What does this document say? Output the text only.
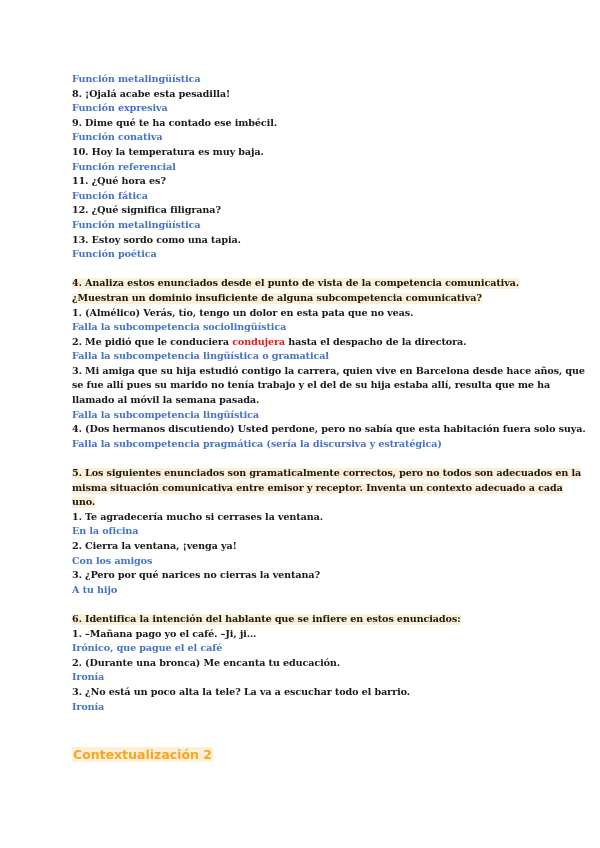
Función metalingüística
8. ¡Ojalá acabe esta pesadilla!
Función expresiva
9. Dime qué te ha contado ese imbécil.
Función conativa
10. Hoy la temperatura es muy baja.
Función referencial
11. ¿Qué hora es?
Función fática
12. ¿Qué significa filigrana?
Función metalingüística
13. Estoy sordo como una tapia.
Función poética
4. Analiza estos enunciados desde el punto de vista de la competencia comunicativa.
¿Muestran un dominio insuficiente de alguna subcompetencia comunicativa?
1. (Almélico) Verás, tío, tengo un dolor en esta pata que no veas.
Falla la subcompetencia sociolingüística
2. Me pidió que le conduciera condujera hasta el despacho de la directora.
Falla la subcompetencia lingüística o gramatical
3. Mi amiga que su hija estudió contigo la carrera, quien vive en Barcelona desde hace años, que
se fue allí pues su marido no tenía trabajo y el del de su hija estaba allí, resulta que me ha
llamado al móvil la semana pasada.
Falla la subcompetencia lingüística
4. (Dos hermanos discutiendo) Usted perdone, pero no sabía que esta habitación fuera solo suya.
Falla la subcompetencia pragmática (sería la discursiva y estratégica)
5. Los siguientes enunciados son gramaticalmente correctos, pero no todos son adecuados en la
misma situación comunicativa entre emisor y receptor. Inventa un contexto adecuado a cada
uno.
1. Te agradecería mucho si cerrases la ventana.
En la oficina
2. Cierra la ventana, ¡venga ya!
Con los amigos
3. ¿Pero por qué narices no cierras la ventana?
A tu hijo
6. Identifica la intención del hablante que se infiere en estos enunciados:
1. –Mañana pago yo el café. –Ji, ji…
Irónico, que pague el el café
2. (Durante una bronca) Me encanta tu educación.
Ironía
3. ¿No está un poco alta la tele? La va a escuchar todo el barrio.
Ironía
Contextualización 2
